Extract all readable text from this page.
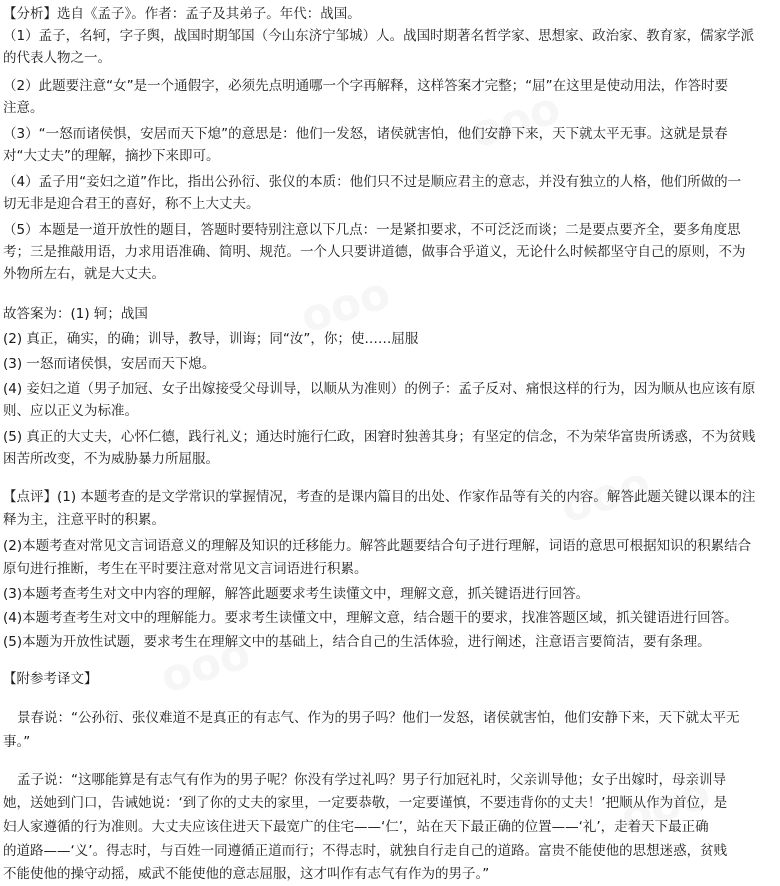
【分析】选自《孟子》。作者：孟子及其弟子。年代：战国。
（1）孟子，名轲，字子舆，战国时期邹国（今山东济宁邹城）人。战国时期著名哲学家、思想家、政治家、教育家，儒家学派
的代表人物之一。
（2）此题要注意“女”是一个通假字，必须先点明通哪一个字再解释，这样答案才完整；“屈”在这里是使动用法，作答时要
注意。
（3）“一怒而诸侯惧，安居而天下熄”的意思是：他们一发怒，诸侯就害怕，他们安静下来，天下就太平无事。这就是景春
对“大丈夫”的理解，摘抄下来即可。
（4）孟子用“妾妇之道”作比，指出公孙衍、张仪的本质：他们只不过是顺应君主的意志，并没有独立的人格，他们所做的一
切无非是迎合君王的喜好，称不上大丈夫。
（5）本题是一道开放性的题目，答题时要特别注意以下几点：一是紧扣要求，不可泛泛而谈；二是要点要齐全，要多角度思
考；三是推敲用语，力求用语准确、简明、规范。一个人只要讲道德，做事合乎道义，无论什么时候都坚守自己的原则，不为
外物所左右，就是大丈夫。
故答案为：(1) 轲；战国
(2) 真正，确实，的确；训导，教导，训诲；同“汝”，你；使……屈服
(3) 一怒而诸侯惧，安居而天下熄。
(4) 妾妇之道（男子加冠、女子出嫁接受父母训导，以顺从为准则）的例子：孟子反对、痛恨这样的行为，因为顺从也应该有原
则、应以正义为标准。
(5) 真正的大丈夫，心怀仁德，践行礼义；通达时施行仁政，困窘时独善其身；有坚定的信念，不为荣华富贵所诱惑，不为贫贱
困苦所改变，不为威胁暴力所屈服。
【点评】(1) 本题考查的是文学常识的掌握情况，考查的是课内篇目的出处、作家作品等有关的内容。解答此题关键以课本的注
释为主，注意平时的积累。
(2)本题考查对常见文言词语意义的理解及知识的迁移能力。解答此题要结合句子进行理解，词语的意思可根据知识的积累结合
原句进行推断，考生在平时要注意对常见文言词语进行积累。
(3)本题考查考生对文中内容的理解，解答此题要求考生读懂文中，理解文意，抓关键语进行回答。
(4)本题考查考生对文中的理解能力。要求考生读懂文中，理解文意，结合题干的要求，找准答题区域，抓关键语进行回答。
(5)本题为开放性试题，要求考生在理解文中的基础上，结合自己的生活体验，进行阐述，注意语言要简洁，要有条理。
【附参考译文】
景春说：“公孙衍、张仪难道不是真正的有志气、作为的男子吗？他们一发怒，诸侯就害怕，他们安静下来，天下就太平无
事。”
孟子说：“这哪能算是有志气有作为的男子呢？你没有学过礼吗？男子行加冠礼时，父亲训导他；女子出嫁时，母亲训导
她，送她到门口，告诫她说：‘到了你的丈夫的家里，一定要恭敬，一定要谨慎，不要违背你的丈夫！’把顺从作为首位，是
妇人家遵循的行为准则。大丈夫应该住进天下最宽广的住宅——‘仁’，站在天下最正确的位置——‘礼’，走着天下最正确
的道路——‘义’。得志时，与百姓一同遵循正道而行；不得志时，就独自行走自己的道路。富贵不能使他的思想迷惑，贫贱
不能使他的操守动摇，威武不能使他的意志屈服，这才叫作有志气有作为的男子。”
